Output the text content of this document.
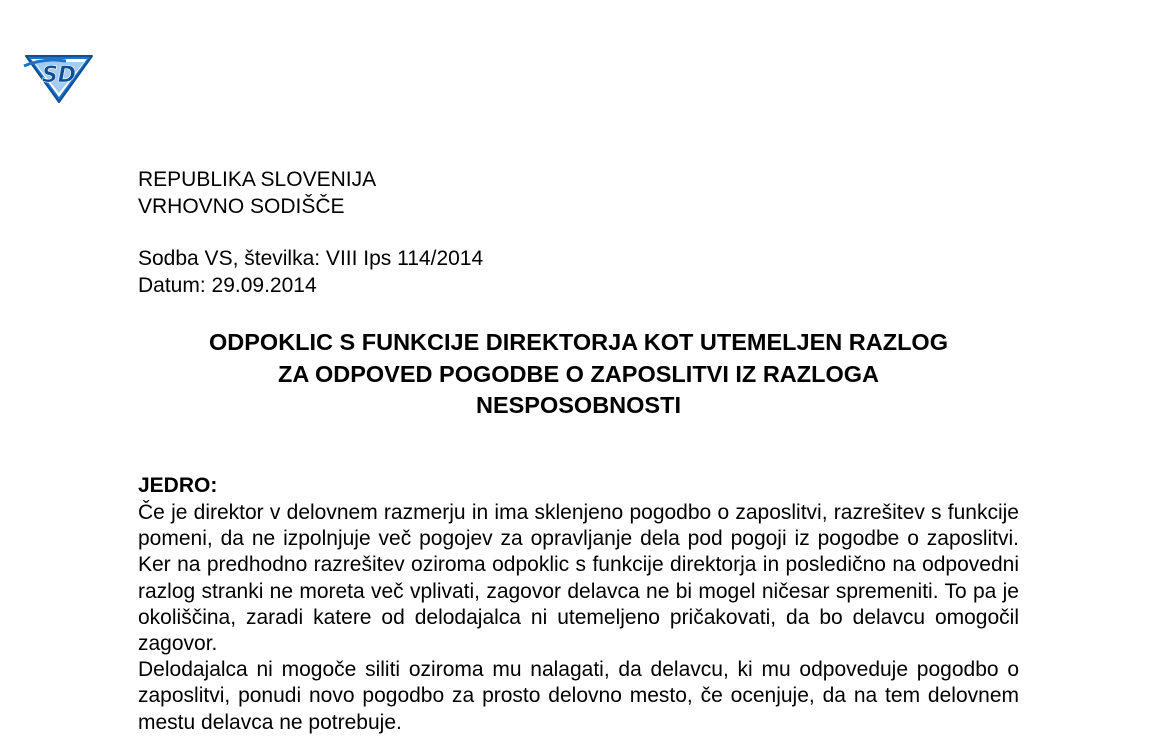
SD
REPUBLIKA SLOVENIJA
VRHOVNO SODIŠČE
Sodba VS, številka: VIII Ips 114/2014
Datum: 29.09.2014
ODPOKLIC S FUNKCIJE DIREKTORJA KOT UTEMELJEN RAZLOG
ZA ODPOVED POGODBE O ZAPOSLITVI IZ RAZLOGA
NESPOSOBNOSTI
JEDRO:

Če je direktor v delovnem razmerju in ima sklenjeno pogodbo o zaposlitvi, razrešitev s funkcije pomeni, da ne izpolnjuje več pogojev za opravljanje dela pod pogoji iz pogodbe o zaposlitvi. Ker na predhodno razrešitev oziroma odpoklic s funkcije direktorja in posledično na odpovedni razlog stranki ne moreta več vplivati, zagovor delavca ne bi mogel ničesar spremeniti. To pa je okoliščina, zaradi katere od delodajalca ni utemeljeno pričakovati, da bo delavcu omogočil zagovor.

Delodajalca ni mogoče siliti oziroma mu nalagati, da delavcu, ki mu odpoveduje pogodbo o zaposlitvi, ponudi novo pogodbo za prosto delovno mesto, če ocenjuje, da na tem delovnem mestu delavca ne potrebuje.
